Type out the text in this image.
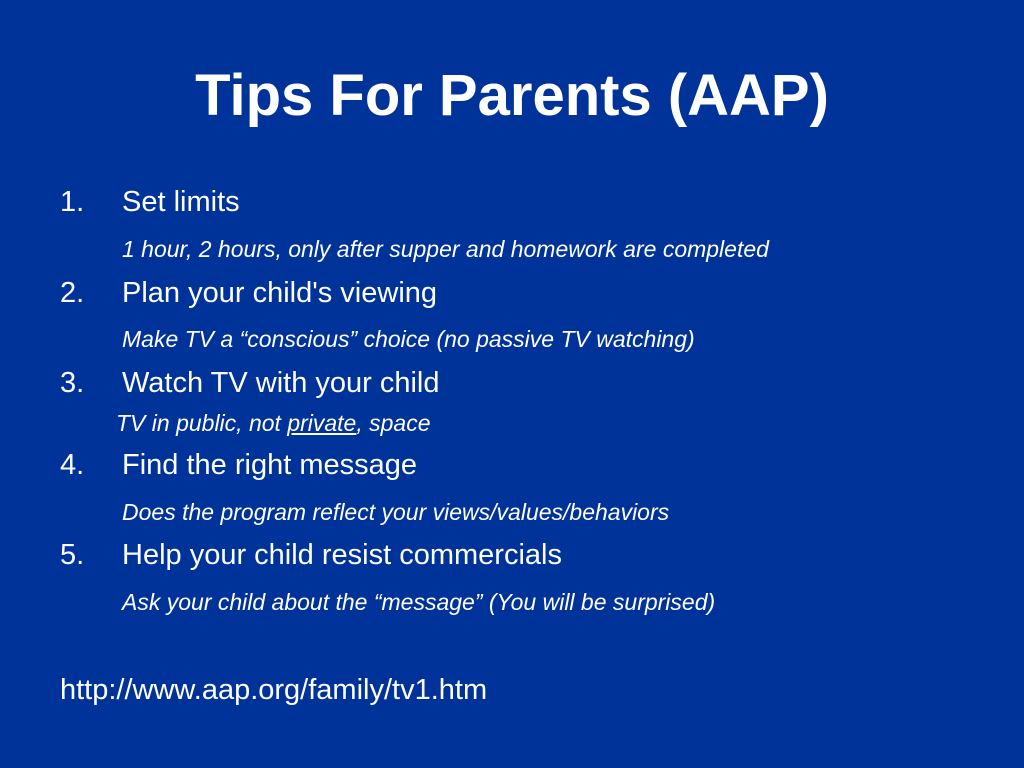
Tips For Parents (AAP)
1. Set limits
1 hour, 2 hours, only after supper and homework are completed
2. Plan your child's viewing
Make TV a “conscious” choice (no passive TV watching)
3. Watch TV with your child
TV in public, not private, space
4. Find the right message
Does the program reflect your views/values/behaviors
5. Help your child resist commercials
Ask your child about the “message” (You will be surprised)
http://www.aap.org/family/tv1.htm
